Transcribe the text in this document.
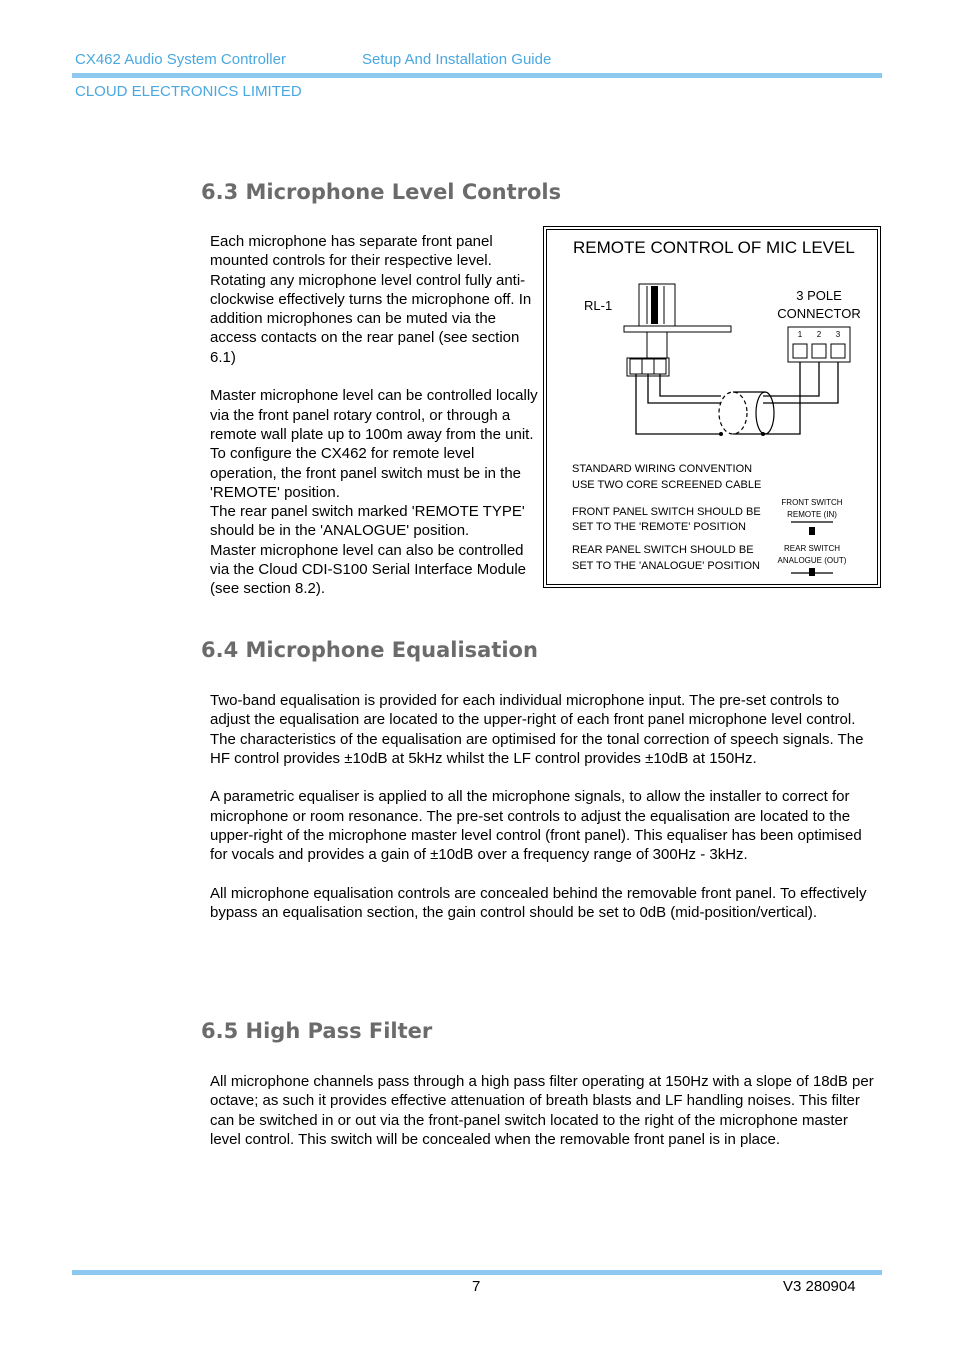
CX462 Audio System Controller	Setup And Installation Guide
CLOUD ELECTRONICS LIMITED
6.3 Microphone Level Controls

Each microphone has separate front panel mounted controls for their respective level. Rotating any microphone level control fully anti-clockwise effectively turns the microphone off. In addition microphones can be muted via the access contacts on the rear panel (see section 6.1)

Master microphone level can be controlled locally via the front panel rotary control, or through a remote wall plate up to 100m away from the unit. To configure the CX462 for remote level operation, the front panel switch must be in the 'REMOTE' position.

The rear panel switch marked 'REMOTE TYPE' should be in the 'ANALOGUE' position.

Master microphone level can also be controlled via the Cloud CDI-S100 Serial Interface Module (see section 8.2).

REMOTE CONTROL OF MIC LEVEL
RL-1
3 POLE
CONNECTOR
1 2 3
STANDARD WIRING CONVENTION
USE TWO CORE SCREENED CABLE
FRONT PANEL SWITCH SHOULD BE
SET TO THE 'REMOTE' POSITION
REAR PANEL SWITCH SHOULD BE
SET TO THE 'ANALOGUE' POSITION
FRONT SWITCH
REMOTE (IN)
REAR SWITCH
ANALOGUE (OUT)
6.4 Microphone Equalisation

Two-band equalisation is provided for each individual microphone input. The pre-set controls to adjust the equalisation are located to the upper-right of each front panel microphone level control. The characteristics of the equalisation are optimised for the tonal correction of speech signals. The HF control provides ±10dB at 5kHz whilst the LF control provides ±10dB at 150Hz.

A parametric equaliser is applied to all the microphone signals, to allow the installer to correct for microphone or room resonance. The pre-set controls to adjust the equalisation are located to the upper-right of the microphone master level control (front panel). This equaliser has been optimised for vocals and provides a gain of ±10dB over a frequency range of 300Hz - 3kHz.

All microphone equalisation controls are concealed behind the removable front panel. To effectively bypass an equalisation section, the gain control should be set to 0dB (mid-position/vertical).

6.5 High Pass Filter

All microphone channels pass through a high pass filter operating at 150Hz with a slope of 18dB per octave; as such it provides effective attenuation of breath blasts and LF handling noises. This filter can be switched in or out via the front-panel switch located to the right of the microphone master level control. This switch will be concealed when the removable front panel is in place.

7	V3 280904
